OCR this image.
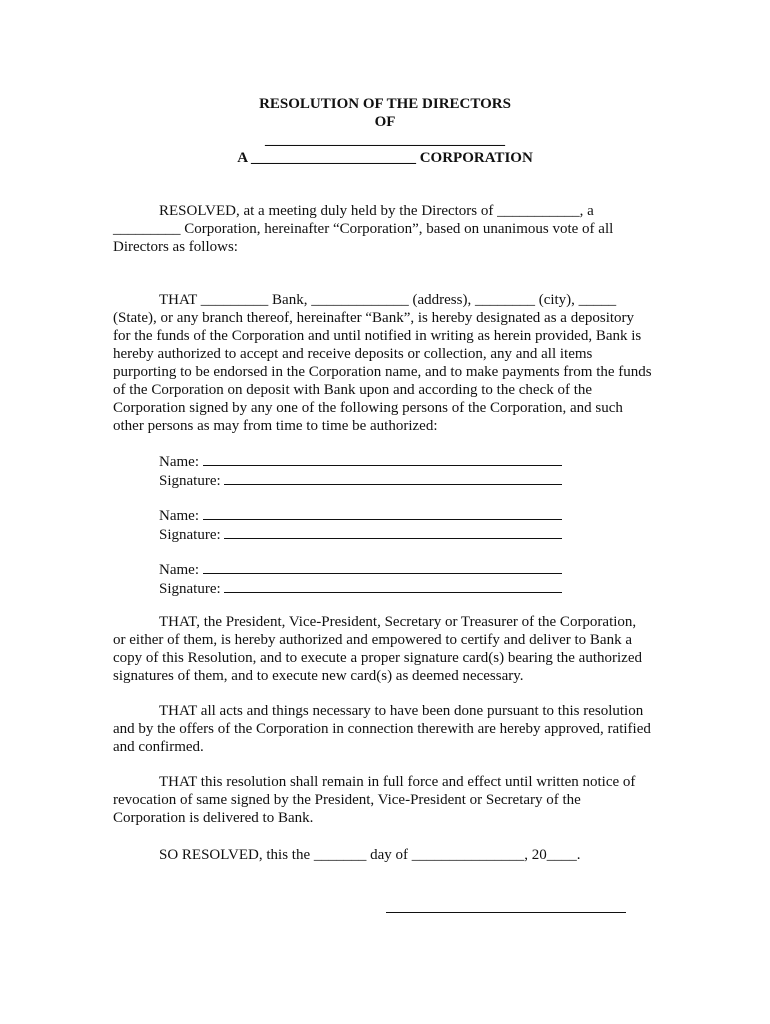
RESOLUTION OF THE DIRECTORS
OF
________________________________
A ______________________ CORPORATION
RESOLVED, at a meeting duly held by the Directors of ___________, a
_________ Corporation, hereinafter “Corporation”, based on unanimous vote of all
Directors as follows:
THAT _________ Bank, _____________ (address), ________ (city), _____
(State), or any branch thereof, hereinafter “Bank”, is hereby designated as a depository
for the funds of the Corporation and until notified in writing as herein provided, Bank is
hereby authorized to accept and receive deposits or collection, any and all items
purporting to be endorsed in the Corporation name, and to make payments from the funds
of the Corporation on deposit with Bank upon and according to the check of the
Corporation signed by any one of the following persons of the Corporation, and such
other persons as may from time to time be authorized:
Name:
Signature:
Name:
Signature:
Name:
Signature:
THAT, the President, Vice-President, Secretary or Treasurer of the Corporation,
or either of them, is hereby authorized and empowered to certify and deliver to Bank a
copy of this Resolution, and to execute a proper signature card(s) bearing the authorized
signatures of them, and to execute new card(s) as deemed necessary.
THAT all acts and things necessary to have been done pursuant to this resolution
and by the offers of the Corporation in connection therewith are hereby approved, ratified
and confirmed.
THAT this resolution shall remain in full force and effect until written notice of
revocation of same signed by the President, Vice-President or Secretary of the
Corporation is delivered to Bank.
SO RESOLVED, this the _______ day of _______________, 20____.
